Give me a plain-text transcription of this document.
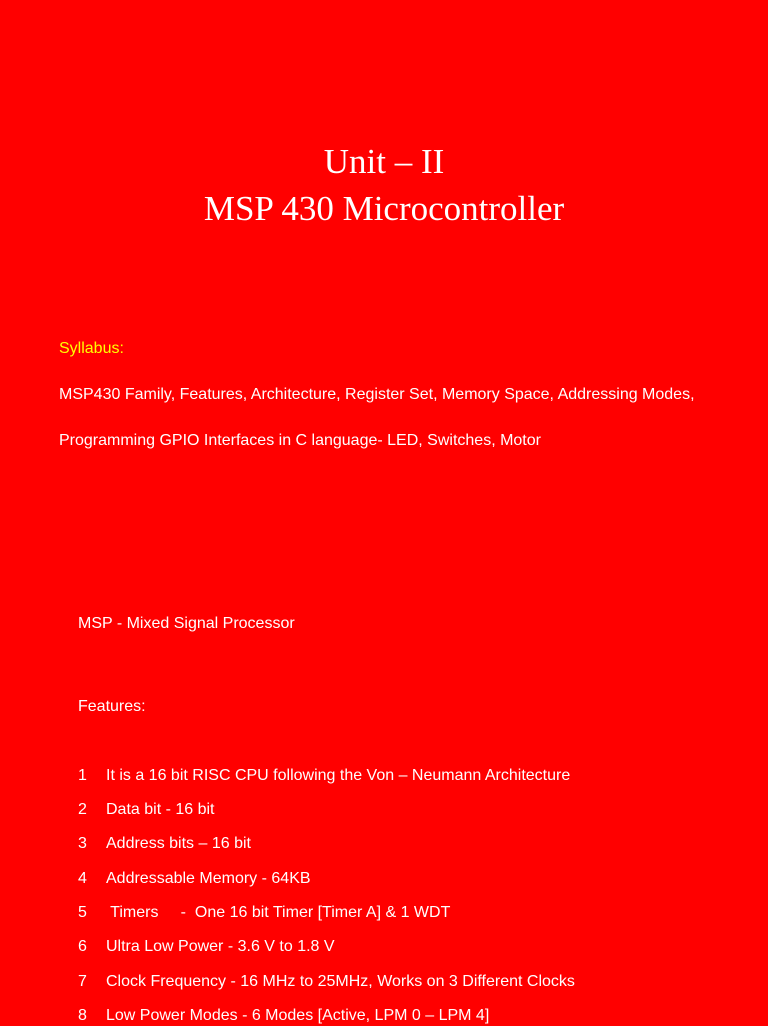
Unit – II
MSP 430 Microcontroller
Syllabus:
MSP430 Family, Features, Architecture, Register Set, Memory Space, Addressing Modes,
Programming GPIO Interfaces in C language- LED, Switches, Motor
MSP - Mixed Signal Processor
Features:
1 It is a 16 bit RISC CPU following the Von – Neumann Architecture
2 Data bit - 16 bit
3 Address bits – 16 bit
4 Addressable Memory - 64KB
5 Timers     -  One 16 bit Timer [Timer A] & 1 WDT
6 Ultra Low Power - 3.6 V to 1.8 V
7 Clock Frequency - 16 MHz to 25MHz, Works on 3 Different Clocks
8 Low Power Modes - 6 Modes [Active, LPM 0 – LPM 4]
